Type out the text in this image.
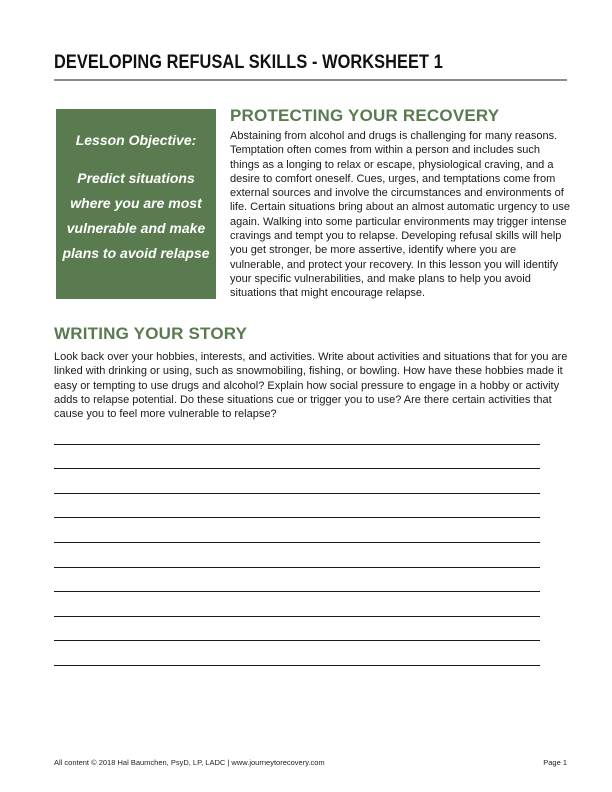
DEVELOPING REFUSAL SKILLS - WORKSHEET 1
Lesson Objective:
Predict situations where you are most vulnerable and make plans to avoid relapse
PROTECTING YOUR RECOVERY

Abstaining from alcohol and drugs is challenging for many reasons. Temptation often comes from within a person and includes such things as a longing to relax or escape, physiological craving, and a desire to comfort oneself. Cues, urges, and temptations come from external sources and involve the circumstances and environments of life. Certain situations bring about an almost automatic urgency to use again. Walking into some particular environments may trigger intense cravings and tempt you to relapse. Developing refusal skills will help you get stronger, be more assertive, identify where you are vulnerable, and protect your recovery. In this lesson you will identify your specific vulnerabilities, and make plans to help you avoid situations that might encourage relapse.

WRITING YOUR STORY

Look back over your hobbies, interests, and activities. Write about activities and situations that for you are linked with drinking or using, such as snowmobiling, fishing, or bowling. How have these hobbies made it easy or tempting to use drugs and alcohol? Explain how social pressure to engage in a hobby or activity adds to relapse potential. Do these situations cue or trigger you to use? Are there certain activities that cause you to feel more vulnerable to relapse?

All content © 2018 Hal Baumchen, PsyD, LP, LADC | www.journeytorecovery.com	Page 1
